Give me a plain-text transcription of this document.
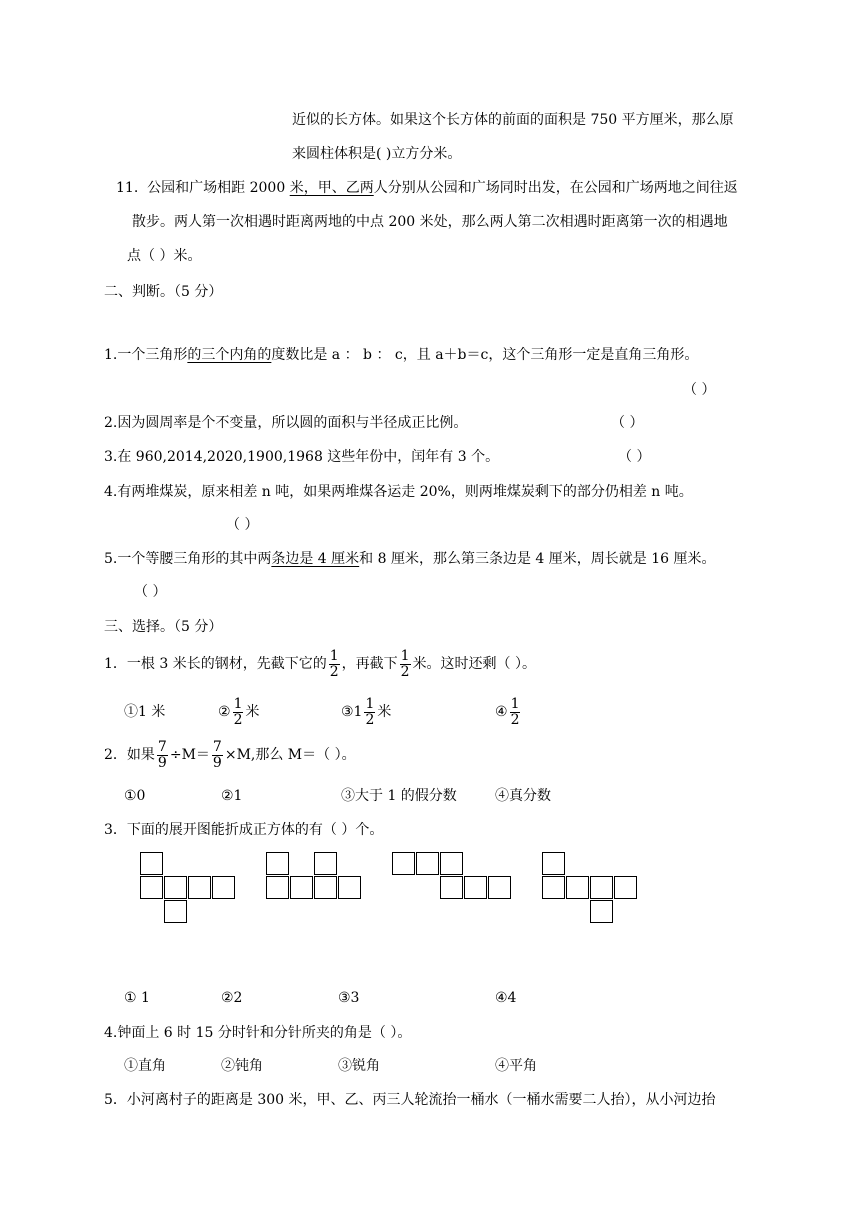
近似的长方体。如果这个长方体的前面的面积是 750 平方厘米，那么原
来圆柱体积是( )立方分米。
11. 公园和广场相距 2000 米，甲、乙两人分别从公园和广场同时出发，在公园和广场两地之间往返
散步。两人第一次相遇时距离两地的中点 200 米处，那么两人第二次相遇时距离第一次的相遇地
点（ ）米。
二、判断。（5 分）
1.一个三角形的三个内角的度数比是 a ： b ： c，且 a＋b＝c，这个三角形一定是直角三角形。
（ ）
2.因为圆周率是个不变量，所以圆的面积与半径成正比例。	（ ）
3.在 960,2014,2020,1900,1968 这些年份中，闰年有 3 个。	（ ）
4.有两堆煤炭，原来相差 n 吨，如果两堆煤各运走 20%，则两堆煤炭剩下的部分仍相差 n 吨。
（ ）
5.一个等腰三角形的其中两条边是 4 厘米和 8 厘米，那么第三条边是 4 厘米，周长就是 16 厘米。
（ ）
三、选择。（5 分）
1．一根 3 米长的钢材，先截下它的 $\frac{1}{2}$ ，再截下 $\frac{1}{2}$ 米。这时还剩（ ）。
①1 米	② $\frac{1}{2}$ 米	③1 $\frac{1}{2}$ 米	④ $\frac{1}{2}$
2．如果 $\frac{7}{9} \div M= \frac{7}{9} \times M$,那么 M＝（ ）。
①0	②1	③大于 1 的假分数	④真分数
3．下面的展开图能折成正方体的有（ ）个。
① 1	②2	③3	④4
4.钟面上 6 时 15 分时针和分针所夹的角是（ ）。
①直角	②钝角	③锐角	④平角
5．小河离村子的距离是 300 米，甲、乙、丙三人轮流抬一桶水（一桶水需要二人抬），从小河边抬
